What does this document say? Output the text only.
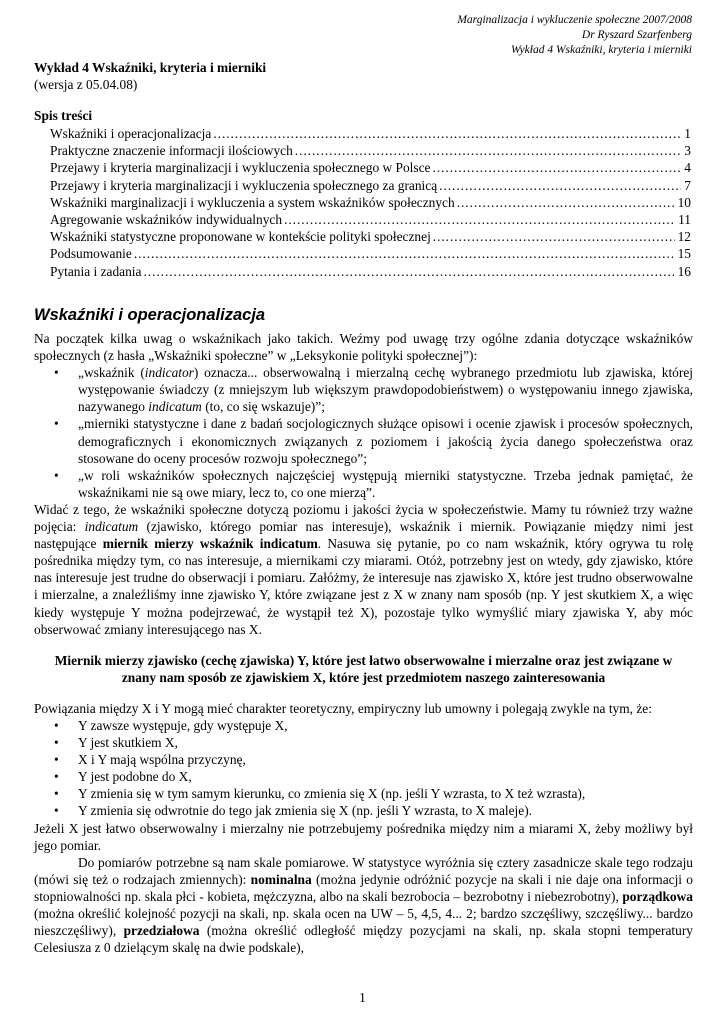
Marginalizacja i wykluczenie społeczne 2007/2008
Dr Ryszard Szarfenberg
Wykład 4 Wskaźniki, kryteria i mierniki
Wykład 4 Wskaźniki, kryteria i mierniki
(wersja z 05.04.08)
Spis treści
Wskaźniki i operacjonalizacja . . .	1
Praktyczne znaczenie informacji ilościowych . . .	3
Przejawy i kryteria marginalizacji i wykluczenia społecznego w Polsce . . .	4
Przejawy i kryteria marginalizacji i wykluczenia społecznego za granicą . . .	7
Wskaźniki marginalizacji i wykluczenia a system wskaźników społecznych . . .	10
Agregowanie wskaźników indywidualnych . . .	11
Wskaźniki statystyczne proponowane w kontekście polityki społecznej . . .	12
Podsumowanie . . .	15
Pytania i zadania . . .	16
Wskaźniki i operacjonalizacja

Na początek kilka uwag o wskaźnikach jako takich. Weźmy pod uwagę trzy ogólne zdania dotyczące wskaźników społecznych (z hasła „Wskaźniki społeczne” w „Leksykonie polityki społecznej”):

• „wskaźnik (indicator) oznacza... obserwowalną i mierzalną cechę wybranego przedmiotu lub zjawiska, której występowanie świadczy (z mniejszym lub większym prawdopodobieństwem) o występowaniu innego zjawiska, nazywanego indicatum (to, co się wskazuje)”;
• „mierniki statystyczne i dane z badań socjologicznych służące opisowi i ocenie zjawisk i procesów społecznych, demograficznych i ekonomicznych związanych z poziomem i jakością życia danego społeczeństwa oraz stosowane do oceny procesów rozwoju społecznego”;
• „w roli wskaźników społecznych najczęściej występują mierniki statystyczne. Trzeba jednak pamiętać, że wskaźnikami nie są owe miary, lecz to, co one mierzą”.

Widać z tego, że wskaźniki społeczne dotyczą poziomu i jakości życia w społeczeństwie. Mamy tu również trzy ważne pojęcia: indicatum (zjawisko, którego pomiar nas interesuje), wskaźnik i miernik. Powiązanie między nimi jest następujące miernik mierzy wskaźnik indicatum. Nasuwa się pytanie, po co nam wskaźnik, który ogrywa tu rolę pośrednika między tym, co nas interesuje, a miernikami czy miarami. Otóż, potrzebny jest on wtedy, gdy zjawisko, które nas interesuje jest trudne do obserwacji i pomiaru. Załóżmy, że interesuje nas zjawisko X, które jest trudno obserwowalne i mierzalne, a znaleźliśmy inne zjawisko Y, które związane jest z X w znany nam sposób (np. Y jest skutkiem X, a więc kiedy występuje Y można podejrzewać, że wystąpił też X), pozostaje tylko wymyślić miary zjawiska Y, aby móc obserwować zmiany interesującego nas X.

Miernik mierzy zjawisko (cechę zjawiska) Y, które jest łatwo obserwowalne i mierzalne oraz jest związane w znany nam sposób ze zjawiskiem X, które jest przedmiotem naszego zainteresowania

Powiązania między X i Y mogą mieć charakter teoretyczny, empiryczny lub umowny i polegają zwykle na tym, że:

• Y zawsze występuje, gdy występuje X,
• Y jest skutkiem X,
• X i Y mają wspólna przyczynę,
• Y jest podobne do X,
• Y zmienia się w tym samym kierunku, co zmienia się X (np. jeśli Y wzrasta, to X też wzrasta),
• Y zmienia się odwrotnie do tego jak zmienia się X (np. jeśli Y wzrasta, to X maleje).

Jeżeli X jest łatwo obserwowalny i mierzalny nie potrzebujemy pośrednika między nim a miarami X, żeby możliwy był jego pomiar.

Do pomiarów potrzebne są nam skale pomiarowe. W statystyce wyróżnia się cztery zasadnicze skale tego rodzaju (mówi się też o rodzajach zmiennych): nominalna (można jedynie odróżnić pozycje na skali i nie daje ona informacji o stopniowalności np. skala płci - kobieta, mężczyzna, albo na skali bezrobocia – bezrobotny i niebezrobotny), porządkowa (można określić kolejność pozycji na skali, np. skala ocen na UW – 5, 4,5, 4... 2; bardzo szczęśliwy, szczęśliwy... bardzo nieszczęśliwy), przedziałowa (można określić odległość między pozycjami na skali, np. skala stopni temperatury Celesiusza z 0 dzielącym skalę na dwie podskale),

1
